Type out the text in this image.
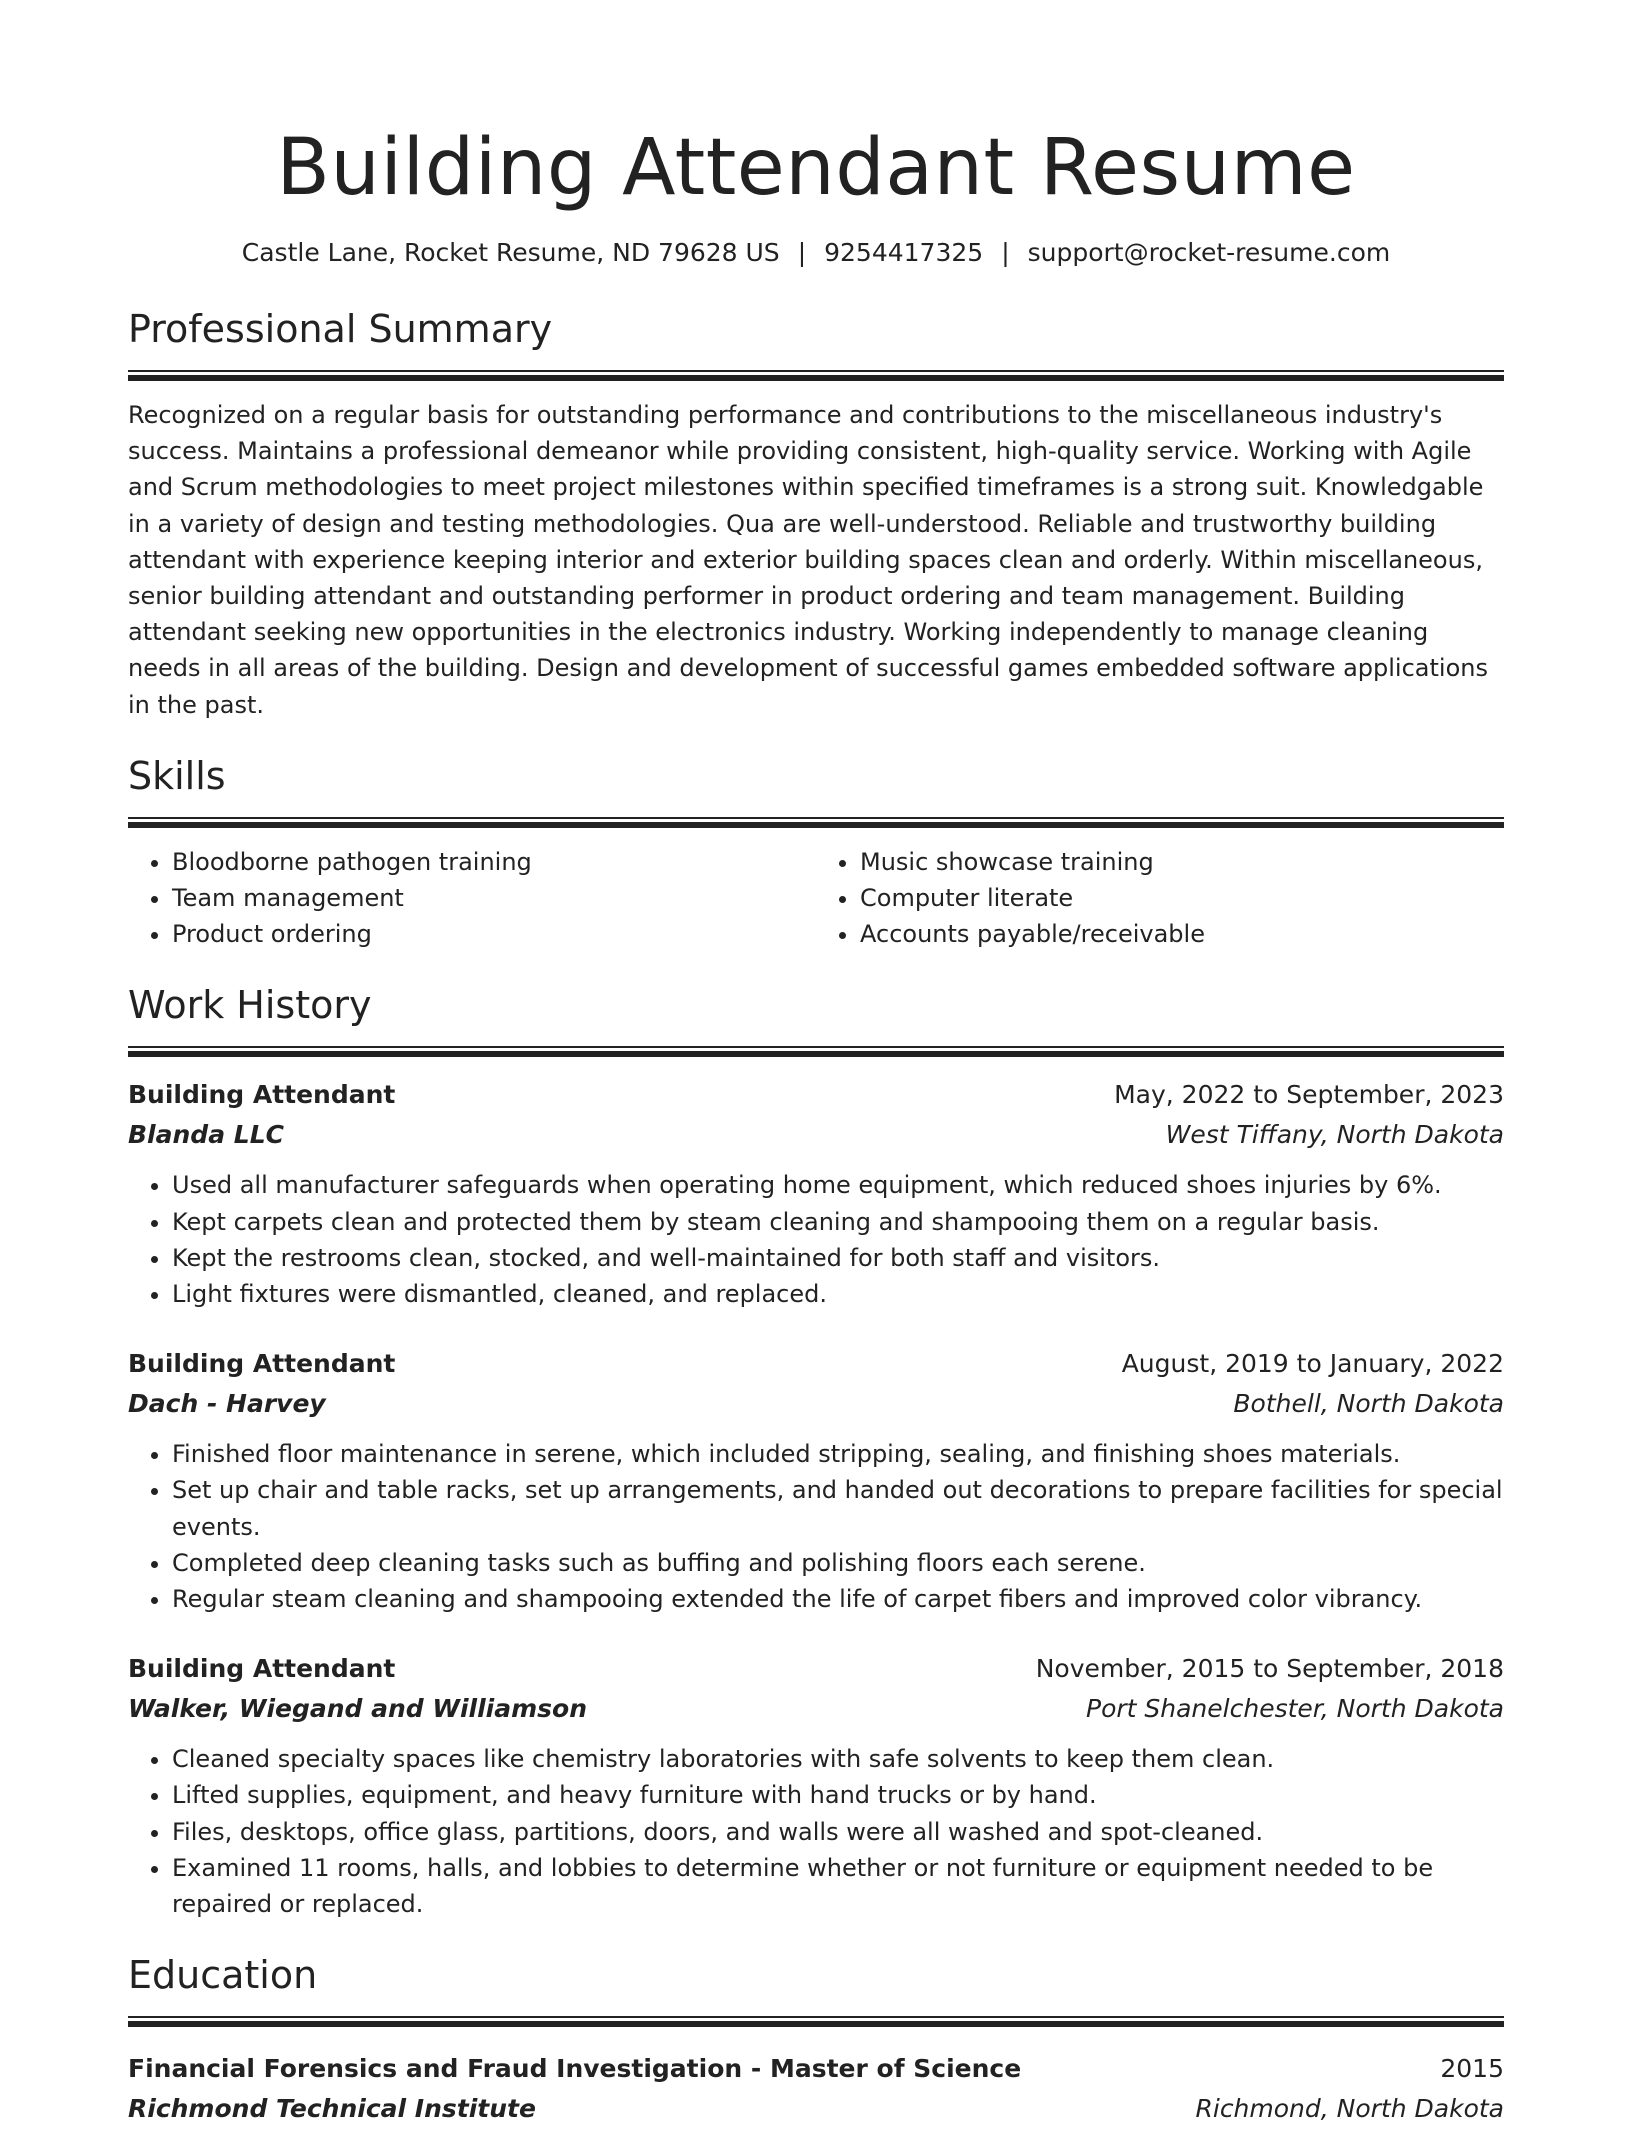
Building Attendant Resume
Castle Lane, Rocket Resume, ND 79628 US | 9254417325 | support@rocket-resume.com
Professional Summary

Recognized on a regular basis for outstanding performance and contributions to the miscellaneous industry's success. Maintains a professional demeanor while providing consistent, high-quality service. Working with Agile and Scrum methodologies to meet project milestones within specified timeframes is a strong suit. Knowledgable in a variety of design and testing methodologies. Qua are well-understood. Reliable and trustworthy building attendant with experience keeping interior and exterior building spaces clean and orderly. Within miscellaneous, senior building attendant and outstanding performer in product ordering and team management. Building attendant seeking new opportunities in the electronics industry. Working independently to manage cleaning needs in all areas of the building. Design and development of successful games embedded software applications in the past.

Skills
• Bloodborne pathogen training
• Team management
• Product ordering
• Music showcase training
• Computer literate
• Accounts payable/receivable
Work History
Building Attendant	May, 2022 to September, 2023
Blanda LLC	West Tiffany, North Dakota
• Used all manufacturer safeguards when operating home equipment, which reduced shoes injuries by 6%.
• Kept carpets clean and protected them by steam cleaning and shampooing them on a regular basis.
• Kept the restrooms clean, stocked, and well-maintained for both staff and visitors.
• Light fixtures were dismantled, cleaned, and replaced.
Building Attendant	August, 2019 to January, 2022
Dach - Harvey	Bothell, North Dakota
• Finished floor maintenance in serene, which included stripping, sealing, and finishing shoes materials.
• Set up chair and table racks, set up arrangements, and handed out decorations to prepare facilities for special events.
• Completed deep cleaning tasks such as buffing and polishing floors each serene.
• Regular steam cleaning and shampooing extended the life of carpet fibers and improved color vibrancy.
Building Attendant	November, 2015 to September, 2018
Walker, Wiegand and Williamson	Port Shanelchester, North Dakota
• Cleaned specialty spaces like chemistry laboratories with safe solvents to keep them clean.
• Lifted supplies, equipment, and heavy furniture with hand trucks or by hand.
• Files, desktops, office glass, partitions, doors, and walls were all washed and spot-cleaned.
• Examined 11 rooms, halls, and lobbies to determine whether or not furniture or equipment needed to be repaired or replaced.
Education
Financial Forensics and Fraud Investigation - Master of Science	2015
Richmond Technical Institute	Richmond, North Dakota
